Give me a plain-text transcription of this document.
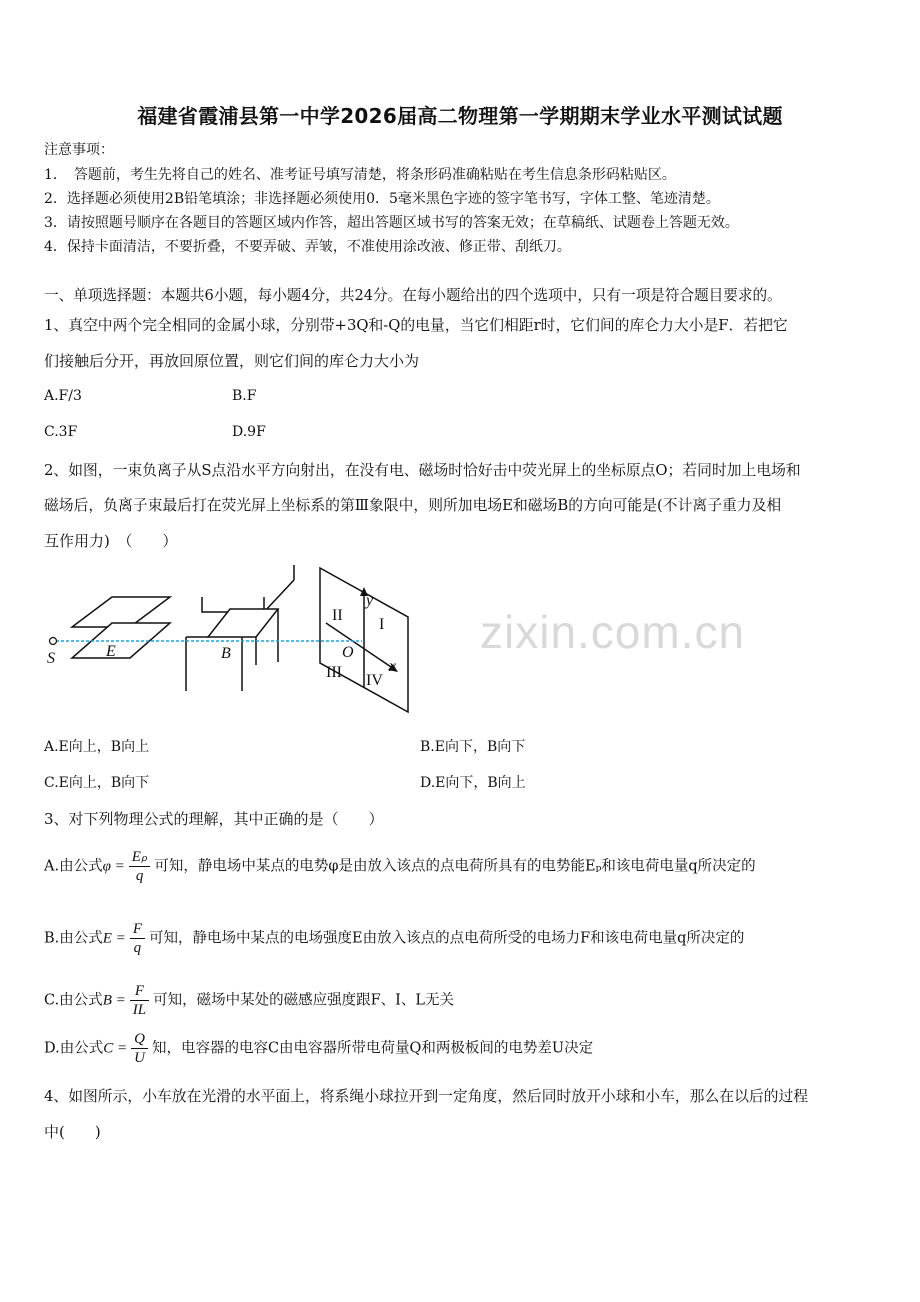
福建省霞浦县第一中学2026届高二物理第一学期期末学业水平测试试题
注意事项：
1．　答题前，考生先将自己的姓名、准考证号填写清楚，将条形码准确粘贴在考生信息条形码粘贴区。
2．选择题必须使用2B铅笔填涂；非选择题必须使用0．5毫米黑色字迹的签字笔书写，字体工整、笔迹清楚。
3．请按照题号顺序在各题目的答题区域内作答，超出答题区域书写的答案无效；在草稿纸、试题卷上答题无效。
4．保持卡面清洁，不要折叠，不要弄破、弄皱，不准使用涂改液、修正带、刮纸刀。
一、单项选择题：本题共6小题，每小题4分，共24分。在每小题给出的四个选项中，只有一项是符合题目要求的。
1、真空中两个完全相同的金属小球，分别带+3Q和-Q的电量，当它们相距r时，它们间的库仑力大小是F．若把它
们接触后分开，再放回原位置，则它们间的库仑力大小为
A.F/3	B.F
C.3F	D.9F
2、如图，一束负离子从S点沿水平方向射出，在没有电、磁场时恰好击中荧光屏上的坐标原点O；若同时加上电场和
磁场后，负离子束最后打在荧光屏上坐标系的第Ⅲ象限中，则所加电场E和磁场B的方向可能是(不计离子重力及相
互作用力)　（　　）
S	E	B	O
x
y
II
I
III IV
zixin.com.cn
A.E向上，B向上	B.E向下，B向下
C.E向上，B向下	D.E向下，B向上
3、对下列物理公式的理解，其中正确的是（　　）
A.由公式$\varphi = \frac{\text{Eₚ}}{q}$ 可知，静电场中某点的电势φ是由放入该点的点电荷所具有的电势能Eₚ和该电荷电量q所决定的
B.由公式$E = \frac{F}{q}$ 可知，静电场中某点的电场强度E由放入该点的点电荷所受的电场力F和该电荷电量q所决定的
C.由公式$B = \frac{F}{IL}$ 可知，磁场中某处的磁感应强度跟F、I、L无关
D.由公式$C = \frac{Q}{U}$ 知，电容器的电容C由电容器所带电荷量Q和两极板间的电势差U决定
4、如图所示，小车放在光滑的水平面上，将系绳小球拉开到一定角度，然后同时放开小球和小车，那么在以后的过程
中(　　)
